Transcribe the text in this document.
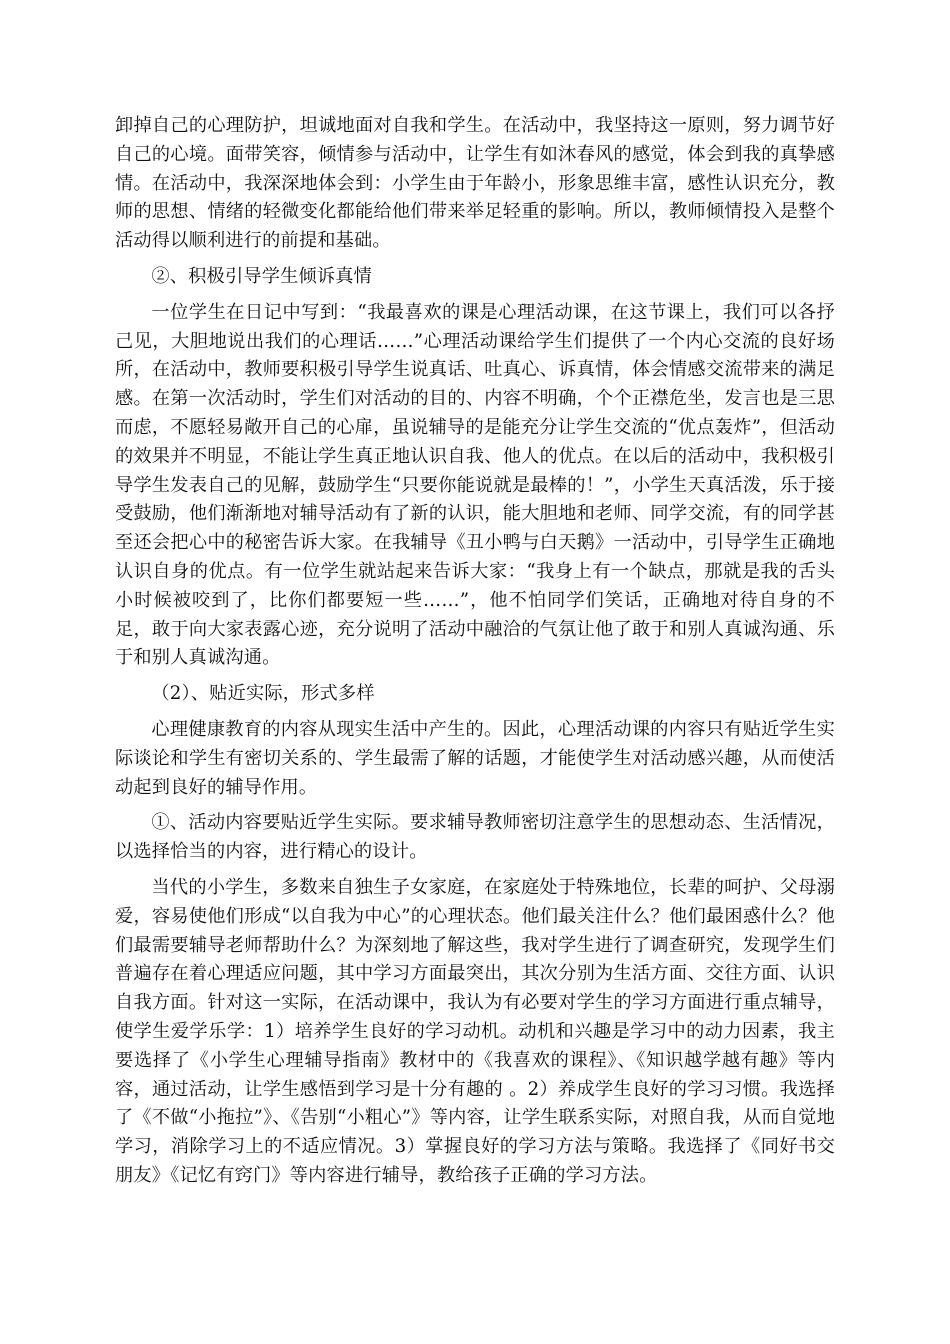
卸掉自己的心理防护，坦诚地面对自我和学生。在活动中，我坚持这一原则，努力调节好自己的心境。面带笑容，倾情参与活动中，让学生有如沐春风的感觉，体会到我的真挚感情。在活动中，我深深地体会到：小学生由于年龄小，形象思维丰富，感性认识充分，教师的思想、情绪的轻微变化都能给他们带来举足轻重的影响。所以，教师倾情投入是整个活动得以顺利进行的前提和基础。

②、积极引导学生倾诉真情

一位学生在日记中写到：“我最喜欢的课是心理活动课，在这节课上，我们可以各抒己见，大胆地说出我们的心理话……”心理活动课给学生们提供了一个内心交流的良好场所，在活动中，教师要积极引导学生说真话、吐真心、诉真情，体会情感交流带来的满足感。在第一次活动时，学生们对活动的目的、内容不明确，个个正襟危坐，发言也是三思而虑，不愿轻易敞开自己的心扉，虽说辅导的是能充分让学生交流的“优点轰炸”，但活动的效果并不明显，不能让学生真正地认识自我、他人的优点。在以后的活动中，我积极引导学生发表自己的见解，鼓励学生“只要你能说就是最棒的！”，小学生天真活泼，乐于接受鼓励，他们渐渐地对辅导活动有了新的认识，能大胆地和老师、同学交流，有的同学甚至还会把心中的秘密告诉大家。在我辅导《丑小鸭与白天鹅》一活动中，引导学生正确地认识自身的优点。有一位学生就站起来告诉大家：“我身上有一个缺点，那就是我的舌头小时候被咬到了，比你们都要短一些……”，他不怕同学们笑话，正确地对待自身的不足，敢于向大家表露心迹，充分说明了活动中融洽的气氛让他了敢于和别人真诚沟通、乐于和别人真诚沟通。

（2）、贴近实际，形式多样

心理健康教育的内容从现实生活中产生的。因此，心理活动课的内容只有贴近学生实际谈论和学生有密切关系的、学生最需了解的话题，才能使学生对活动感兴趣，从而使活动起到良好的辅导作用。

①、活动内容要贴近学生实际。要求辅导教师密切注意学生的思想动态、生活情况，以选择恰当的内容，进行精心的设计。

当代的小学生，多数来自独生子女家庭，在家庭处于特殊地位，长辈的呵护、父母溺爱，容易使他们形成“以自我为中心”的心理状态。他们最关注什么？他们最困惑什么？他们最需要辅导老师帮助什么？为深刻地了解这些，我对学生进行了调查研究，发现学生们普遍存在着心理适应问题，其中学习方面最突出，其次分别为生活方面、交往方面、认识自我方面。针对这一实际，在活动课中，我认为有必要对学生的学习方面进行重点辅导，使学生爱学乐学：1）培养学生良好的学习动机。动机和兴趣是学习中的动力因素，我主要选择了《小学生心理辅导指南》教材中的《我喜欢的课程》、《知识越学越有趣》等内容，通过活动，让学生感悟到学习是十分有趣的 。2）养成学生良好的学习习惯。我选择了《不做“小拖拉”》、《告别“小粗心”》等内容，让学生联系实际，对照自我，从而自觉地学习，消除学习上的不适应情况。3）掌握良好的学习方法与策略。我选择了《同好书交朋友》《记忆有窍门》等内容进行辅导，教给孩子正确的学习方法。
